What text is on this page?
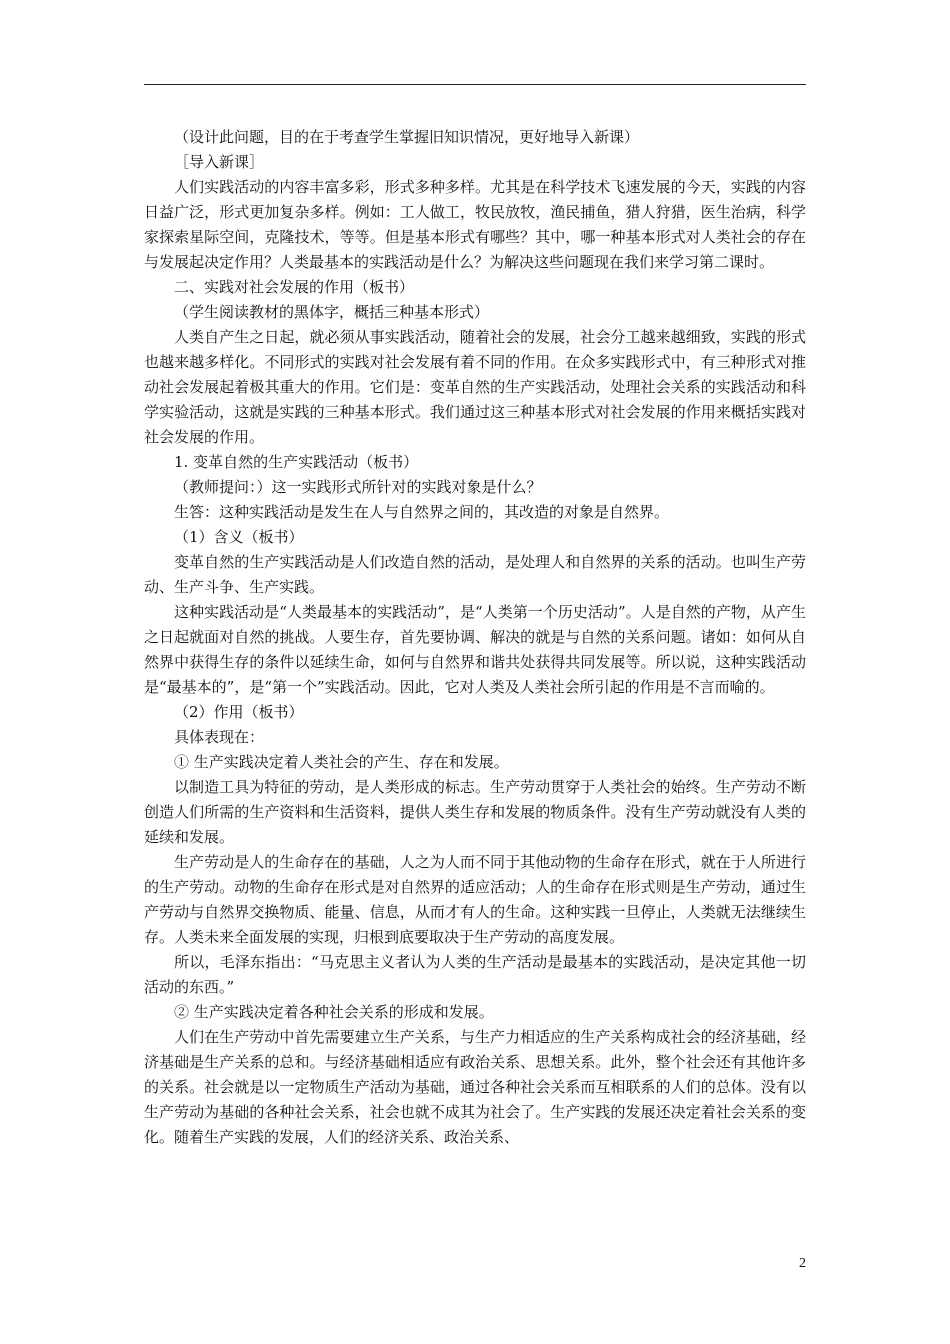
（设计此问题，目的在于考查学生掌握旧知识情况，更好地导入新课）

［导入新课］

人们实践活动的内容丰富多彩，形式多种多样。尤其是在科学技术飞速发展的今天，实践的内容日益广泛，形式更加复杂多样。例如：工人做工，牧民放牧，渔民捕鱼，猎人狩猎，医生治病，科学家探索星际空间，克隆技术，等等。但是基本形式有哪些？其中，哪一种基本形式对人类社会的存在与发展起决定作用？人类最基本的实践活动是什么？为解决这些问题现在我们来学习第二课时。

二、实践对社会发展的作用（板书）

（学生阅读教材的黑体字，概括三种基本形式）

人类自产生之日起，就必须从事实践活动，随着社会的发展，社会分工越来越细致，实践的形式也越来越多样化。不同形式的实践对社会发展有着不同的作用。在众多实践形式中，有三种形式对推动社会发展起着极其重大的作用。它们是：变革自然的生产实践活动，处理社会关系的实践活动和科学实验活动，这就是实践的三种基本形式。我们通过这三种基本形式对社会发展的作用来概括实践对社会发展的作用。

1. 变革自然的生产实践活动（板书）

（教师提问：）这一实践形式所针对的实践对象是什么？

生答：这种实践活动是发生在人与自然界之间的，其改造的对象是自然界。

（1）含义（板书）

变革自然的生产实践活动是人们改造自然的活动，是处理人和自然界的关系的活动。也叫生产劳动、生产斗争、生产实践。

这种实践活动是“人类最基本的实践活动”，是“人类第一个历史活动”。人是自然的产物，从产生之日起就面对自然的挑战。人要生存，首先要协调、解决的就是与自然的关系问题。诸如：如何从自然界中获得生存的条件以延续生命，如何与自然界和谐共处获得共同发展等。所以说，这种实践活动是“最基本的”，是“第一个”实践活动。因此，它对人类及人类社会所引起的作用是不言而喻的。

（2）作用（板书）

具体表现在：

① 生产实践决定着人类社会的产生、存在和发展。

以制造工具为特征的劳动，是人类形成的标志。生产劳动贯穿于人类社会的始终。生产劳动不断创造人们所需的生产资料和生活资料，提供人类生存和发展的物质条件。没有生产劳动就没有人类的延续和发展。

生产劳动是人的生命存在的基础，人之为人而不同于其他动物的生命存在形式，就在于人所进行的生产劳动。动物的生命存在形式是对自然界的适应活动；人的生命存在形式则是生产劳动，通过生产劳动与自然界交换物质、能量、信息，从而才有人的生命。这种实践一旦停止，人类就无法继续生存。人类未来全面发展的实现，归根到底要取决于生产劳动的高度发展。

所以，毛泽东指出：“马克思主义者认为人类的生产活动是最基本的实践活动，是决定其他一切活动的东西。”

② 生产实践决定着各种社会关系的形成和发展。

人们在生产劳动中首先需要建立生产关系，与生产力相适应的生产关系构成社会的经济基础，经济基础是生产关系的总和。与经济基础相适应有政治关系、思想关系。此外，整个社会还有其他许多的关系。社会就是以一定物质生产活动为基础，通过各种社会关系而互相联系的人们的总体。没有以生产劳动为基础的各种社会关系，社会也就不成其为社会了。生产实践的发展还决定着社会关系的变化。随着生产实践的发展，人们的经济关系、政治关系、

2
